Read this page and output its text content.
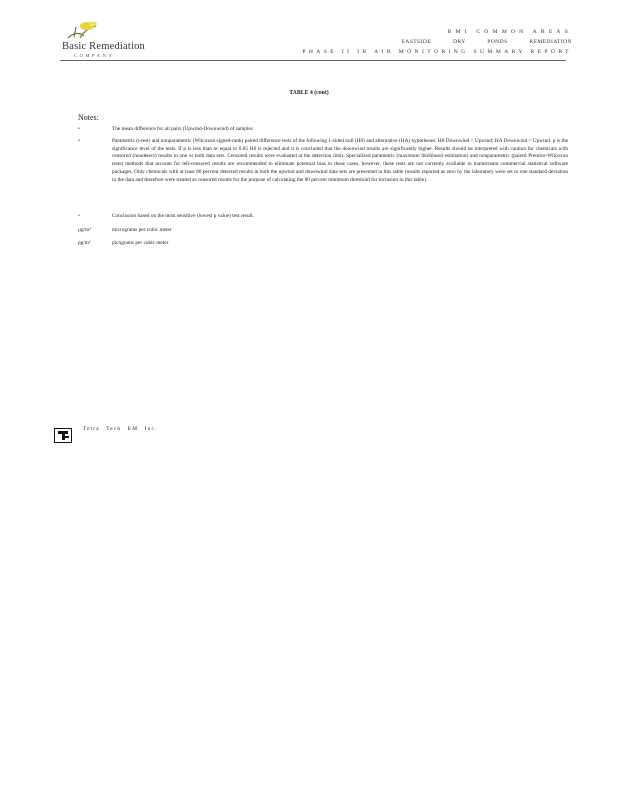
Basic Remediation
COMPANY
BMI COMMON AREAS
EASTSIDE DRY PONDS REMEDIATION
PHASE II IB AIR MONITORING SUMMARY REPORT
TABLE 4 (cont)
Notes:
•	The mean difference for all pairs (Upwind-Downwind) of samples
•	Parametric (t-test) and nonparametric (Wilcoxon signed-rank) paired difference tests of the following 1-sided null (H0) and alternative (HA) hypotheses: H0 Downwind < Upwind; HA Downwind > Upwind. p is the significance level of the tests. If p is less than or equal to 0.05 H0 is rejected and it is concluded that the downwind results are significantly higher. Results should be interpreted with caution for chemicals with censored (nondetect) results in one or both data sets. Censored results were evaluated at the detection limit. Specialized parametric (maximum likelihood estimation) and nonparametric (paired Prentice-Wilcoxon tests) methods that account for left-censored results are recommended to eliminate potential bias in these cases, however, these tests are not currently available in mainstream commercial statistical software packages. Only chemicals with at least 80 percent detected results in both the upwind and downwind data sets are presented in this table (results reported as zero by the laboratory were set to one standard deviation in the data and therefore were treated as censored results for the purpose of calculating the 80 percent minimum threshold for inclusion in this table).
•	Conclusion based on the most sensitive (lowest p value) test result.
µg/m³	micrograms per cubic meter
pg/m³	picograms per cubic meter
Tetra Tech EM Inc.
